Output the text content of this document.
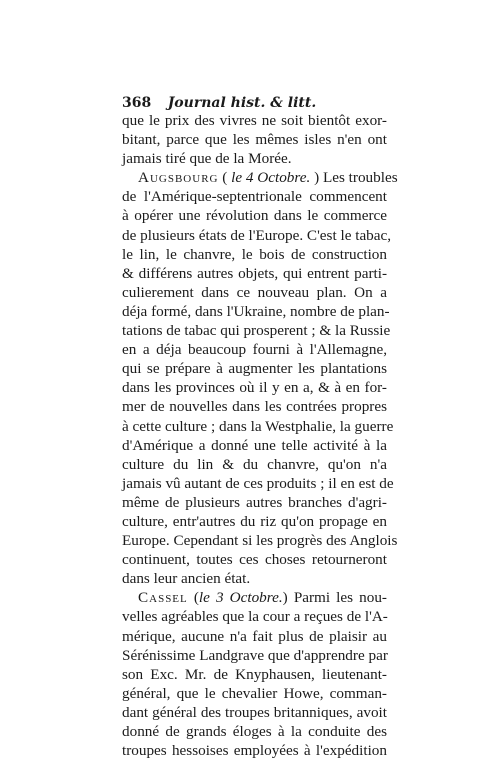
368 Journal hist. & litt.
que le prix des vivres ne soit bientôt exor-
bitant, parce que les mêmes isles n'en ont
jamais tiré que de la Morée.
Augsbourg ( le 4 Octobre. ) Les troubles
de l'Amérique-septentrionale commencent
à opérer une révolution dans le commerce
de plusieurs états de l'Europe. C'est le tabac,
le lin, le chanvre, le bois de construction
& différens autres objets, qui entrent parti-
culierement dans ce nouveau plan. On a
déja formé, dans l'Ukraine, nombre de plan-
tations de tabac qui prosperent ; & la Russie
en a déja beaucoup fourni à l'Allemagne,
qui se prépare à augmenter les plantations
dans les provinces où il y en a, & à en for-
mer de nouvelles dans les contrées propres
à cette culture ; dans la Westphalie, la guerre
d'Amérique a donné une telle activité à la
culture du lin & du chanvre, qu'on n'a
jamais vû autant de ces produits ; il en est de
même de plusieurs autres branches d'agri-
culture, entr'autres du riz qu'on propage en
Europe. Cependant si les progrès des Anglois
continuent, toutes ces choses retourneront
dans leur ancien état.
Cassel (le 3 Octobre.) Parmi les nou-
velles agréables que la cour a reçues de l'A-
mérique, aucune n'a fait plus de plaisir au
Sérénissime Landgrave que d'apprendre par
son Exc. Mr. de Knyphausen, lieutenant-
général, que le chevalier Howe, comman-
dant général des troupes britanniques, avoit
donné de grands éloges à la conduite des
troupes hessoises employées à l'expédition
